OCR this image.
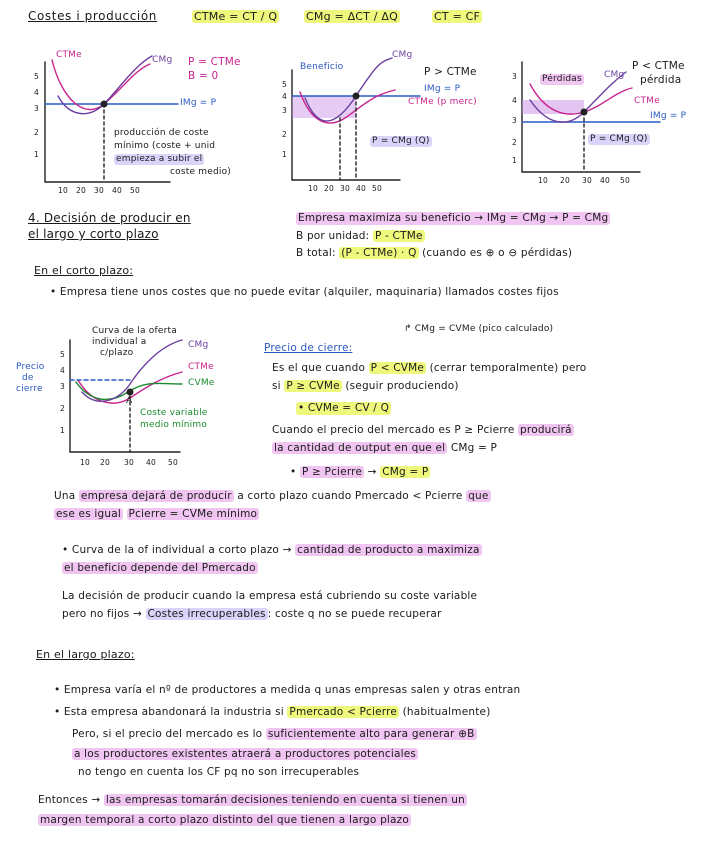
Costes i producción	CTMe = CT / Q	CMg = ΔCT / ΔQ	CT = CF
CTMe	CMg P = CTMe
B = 0
IMg = P
producción de coste
mínimo (coste + unid
empieza a subir el
coste medio)
5
4
3
2
1
10 20 30 40 50
Beneficio
CMg
P > CTMe
IMg = P
CTMe (p merc)
P = CMg (Q)
5
4
3
2
1
10 20 30 40 50
Pérdidas CMg
P < CTMe
pérdida
CTMe
IMg = P
P = CMg (Q)
3
4
3
2
1
10 20 30 40 50
4. Decisión de producir en
el largo y corto plazo
Empresa maximiza su beneficio → IMg = CMg → P = CMg
B por unidad: P - CTMe
B total: (P - CTMe) · Q (cuando es ⊕ o ⊖ pérdidas)
En el corto plazo:
• Empresa tiene unos costes que no puede evitar (alquiler, maquinaria) llamados costes fijos
Curva de la oferta
individual a
c/plazo
CMg
CTMe
CVMe
Precio
de
cierre
A
Coste variable
medio mínimo
5
4
3
2
1
10 20 30 40 50
↱ CMg = CVMe (pico calculado)
Precio de cierre:
Es el que cuando P < CVMe (cerrar temporalmente) pero
si P ≥ CVMe (seguir produciendo)
• CVMe = CV / Q
Cuando el precio del mercado es P ≥ Pcierre producirá
la cantidad de output en que el CMg = P
• P ≥ Pcierre → CMg = P
Una empresa dejará de producir a corto plazo cuando Pmercado < Pcierre que
ese es igual Pcierre = CVMe mínimo
• Curva de la of individual a corto plazo → cantidad de producto a maximiza
el beneficio depende del Pmercado
La decisión de producir cuando la empresa está cubriendo su coste variable
pero no fijos → Costes irrecuperables : coste q no se puede recuperar
En el largo plazo:
• Empresa varía el nº de productores a medida q unas empresas salen y otras entran
• Esta empresa abandonará la industria si Pmercado < Pcierre (habitualmente)
Pero, si el precio del mercado es lo suficientemente alto para generar ⊕B
a los productores existentes atraerá a productores potenciales
no tengo en cuenta los CF pq no son irrecuperables
Entonces → las empresas tomarán decisiones teniendo en cuenta si tienen un
margen temporal a corto plazo distinto del que tienen a largo plazo
